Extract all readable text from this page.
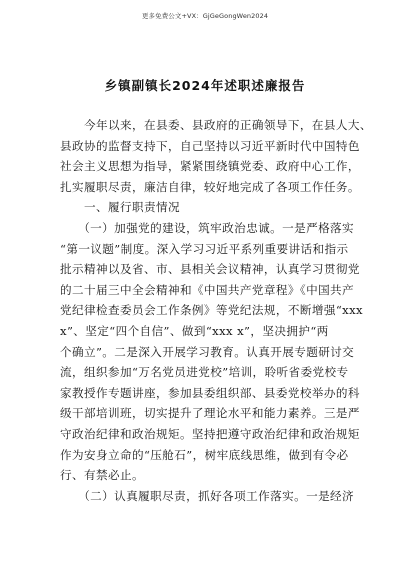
更多免费公文+VX：GjGeGongWen2024
乡镇副镇长2024年述职述廉报告
　　今年以来，在县委、县政府的正确领导下，在县人大、
县政协的监督支持下，自己坚持以习近平新时代中国特色
社会主义思想为指导，紧紧围绕镇党委、政府中心工作，
扎实履职尽责，廉洁自律，较好地完成了各项工作任务。
　　一、履行职责情况
　　（一）加强党的建设，筑牢政治忠诚。一是严格落实
“第一议题”制度。深入学习习近平系列重要讲话和指示
批示精神以及省、市、县相关会议精神，认真学习贯彻党
的二十届三中全会精神和《中国共产党章程》《中国共产
党纪律检查委员会工作条例》等党纪法规，不断增强“xxx
x”、坚定“四个自信”、做到“xxx x”，坚决拥护“两
个确立”。二是深入开展学习教育。认真开展专题研讨交
流，组织参加“万名党员进党校”培训，聆听省委党校专
家教授作专题讲座，参加县委组织部、县委党校举办的科
级干部培训班，切实提升了理论水平和能力素养。三是严
守政治纪律和政治规矩。坚持把遵守政治纪律和政治规矩
作为安身立命的“压舱石”，树牢底线思维，做到有令必
行、有禁必止。
　　（二）认真履职尽责，抓好各项工作落实。一是经济
